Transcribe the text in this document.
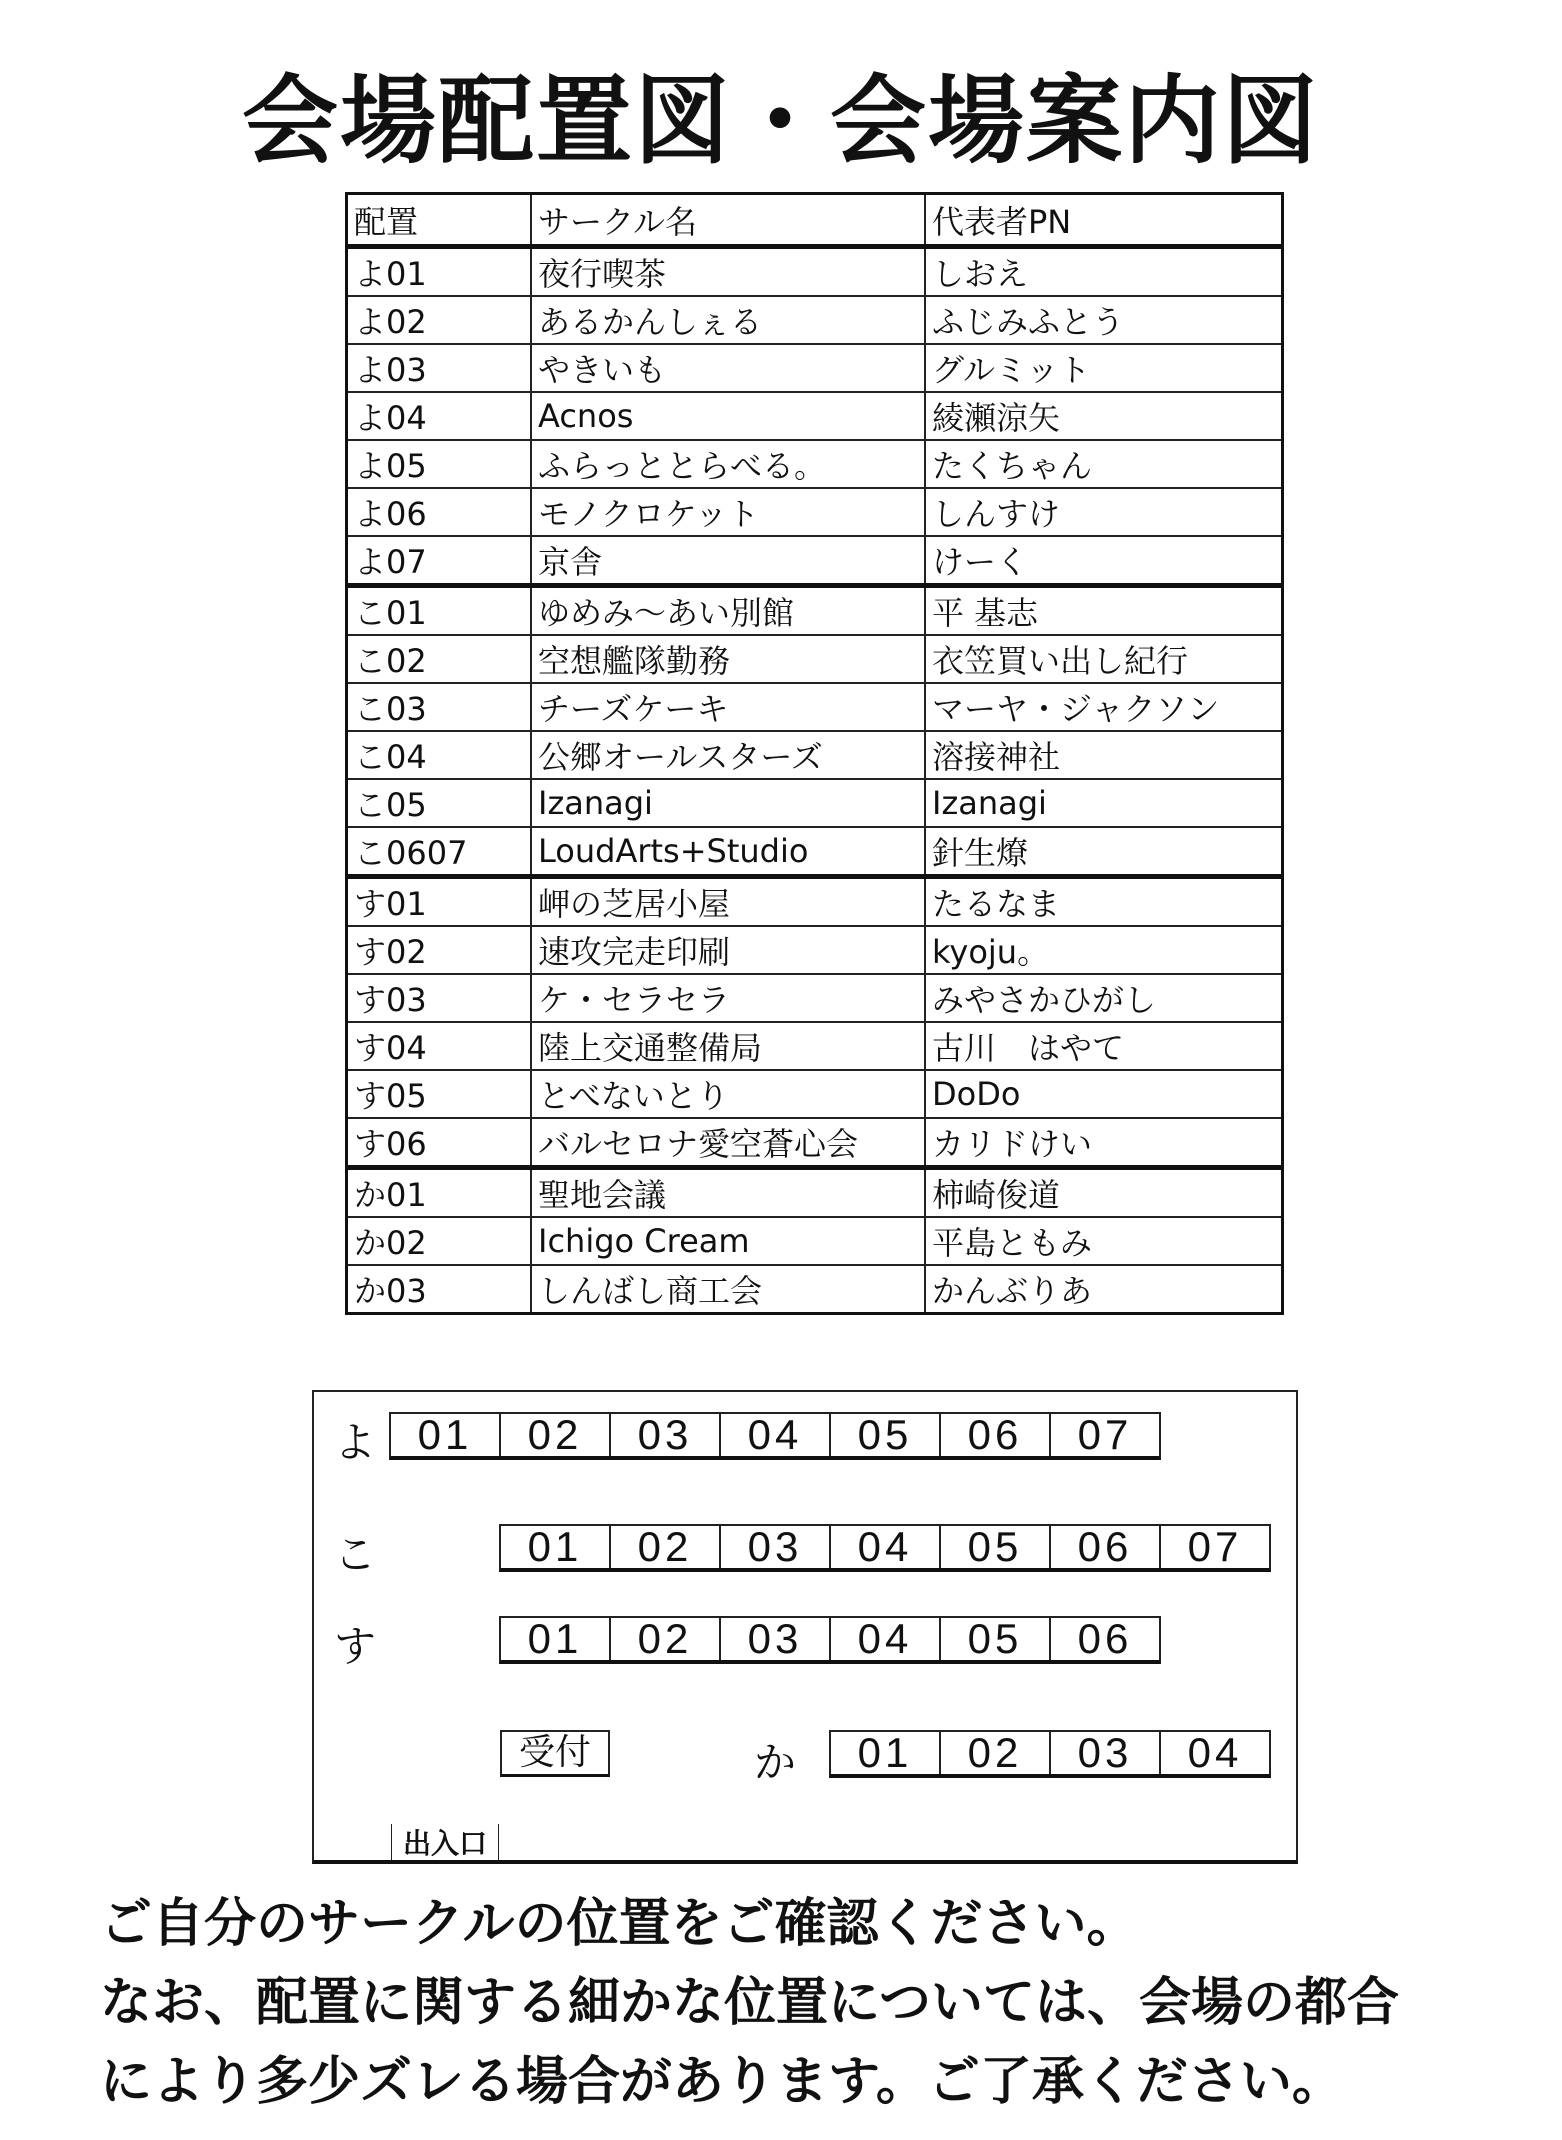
会場配置図・会場案内図
配置	サークル名	代表者PN
よ01	夜行喫茶	しおえ
よ02	あるかんしぇる	ふじみふとう
よ03	やきいも	グルミット
よ04	Acnos	綾瀬涼矢
よ05	ふらっととらべる。	たくちゃん
よ06	モノクロケット	しんすけ
よ07	京舎	けーく
こ01	ゆめみ～あい別館	平 基志
こ02	空想艦隊勤務	衣笠買い出し紀行
こ03	チーズケーキ	マーヤ・ジャクソン
こ04	公郷オールスターズ	溶接神社
こ05	Izanagi	Izanagi
こ0607	LoudArts+Studio	針生燎
す01	岬の芝居小屋	たるなま
す02	速攻完走印刷	kyoju。
す03	ケ・セラセラ	みやさかひがし
す04	陸上交通整備局	古川　はやて
す05	とべないとり	DoDo
す06	バルセロナ愛空蒼心会	カリドけい
か01	聖地会議	柿崎俊道
か02	Ichigo Cream	平島ともみ
か03	しんばし商工会	かんぶりあ
よ 01	02	03	04	05	06	07
こ	01	02	03	04	05	06	07
す	01	02	03	04	05	06
受付	か	01	02	03	04
出入口
ご自分のサークルの位置をご確認ください。
なお、配置に関する細かな位置については、会場の都合
により多少ズレる場合があります。ご了承ください。
